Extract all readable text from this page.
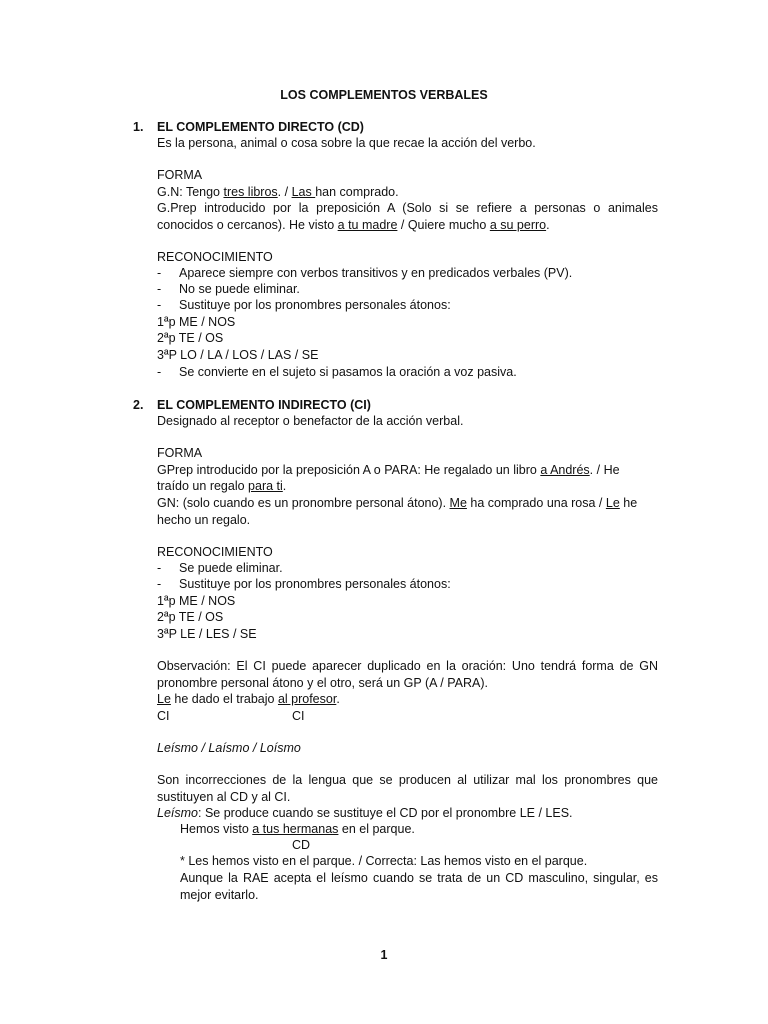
LOS COMPLEMENTOS VERBALES
1. EL COMPLEMENTO DIRECTO (CD)
Es la persona, animal o cosa sobre la que recae la acción del verbo.
FORMA
G.N: Tengo tres libros. / Las han comprado.
G.Prep introducido por la preposición A (Solo si se refiere a personas o animales
conocidos o cercanos). He visto a tu madre / Quiere mucho a su perro.
RECONOCIMIENTO
- Aparece siempre con verbos transitivos y en predicados verbales (PV).
- No se puede eliminar.
- Sustituye por los pronombres personales átonos:
1ªp ME / NOS
2ªp TE / OS
3ªP LO / LA / LOS / LAS / SE
- Se convierte en el sujeto si pasamos la oración a voz pasiva.
2. EL COMPLEMENTO INDIRECTO (CI)
Designado al receptor o benefactor de la acción verbal.
FORMA
GPrep introducido por la preposición A o PARA: He regalado un libro a Andrés. / He
traído un regalo para ti.
GN: (solo cuando es un pronombre personal átono). Me ha comprado una rosa / Le he
hecho un regalo.
RECONOCIMIENTO
- Se puede eliminar.
- Sustituye por los pronombres personales átonos:
1ªp ME / NOS
2ªp TE / OS
3ªP LE / LES / SE
Observación: El CI puede aparecer duplicado en la oración: Uno tendrá forma de GN
pronombre personal átono y el otro, será un GP (A / PARA).
Le he dado el trabajo al profesor.
CI	CI
Leísmo / Laísmo / Loísmo
Son incorrecciones de la lengua que se producen al utilizar mal los pronombres que
sustituyen al CD y al CI.
Leísmo: Se produce cuando se sustituye el CD por el pronombre LE / LES.
Hemos visto a tus hermanas en el parque.
CD
* Les hemos visto en el parque. / Correcta: Las hemos visto en el parque.
Aunque la RAE acepta el leísmo cuando se trata de un CD masculino, singular, es
mejor evitarlo.
1
